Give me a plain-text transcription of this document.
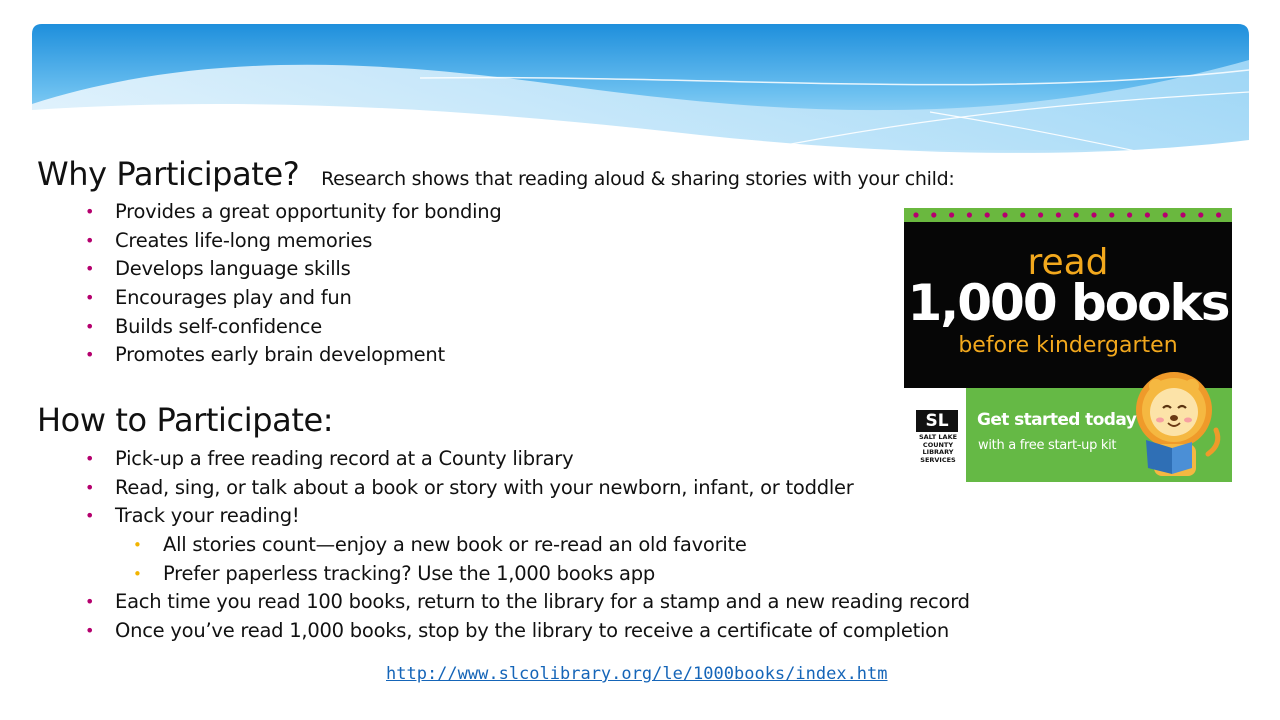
Why Participate? Research shows that reading aloud & sharing stories with your child:
• Provides a great opportunity for bonding
• Creates life-long memories
• Develops language skills
• Encourages play and fun
• Builds self-confidence
• Promotes early brain development
How to Participate:
• Pick-up a free reading record at a County library
• Read, sing, or talk about a book or story with your newborn, infant, or toddler
• Track your reading!
• All stories count—enjoy a new book or re-read an old favorite
• Prefer paperless tracking? Use the 1,000 books app
• Each time you read 100 books, return to the library for a stamp and a new reading record
• Once you’ve read 1,000 books, stop by the library to receive a certificate of completion
read
1,000 books
before kindergarten
SL
SALT LAKE
COUNTY
LIBRARY
SERVICES
Get started today
with a free start-up kit
http://www.slcolibrary.org/le/1000books/index.htm
